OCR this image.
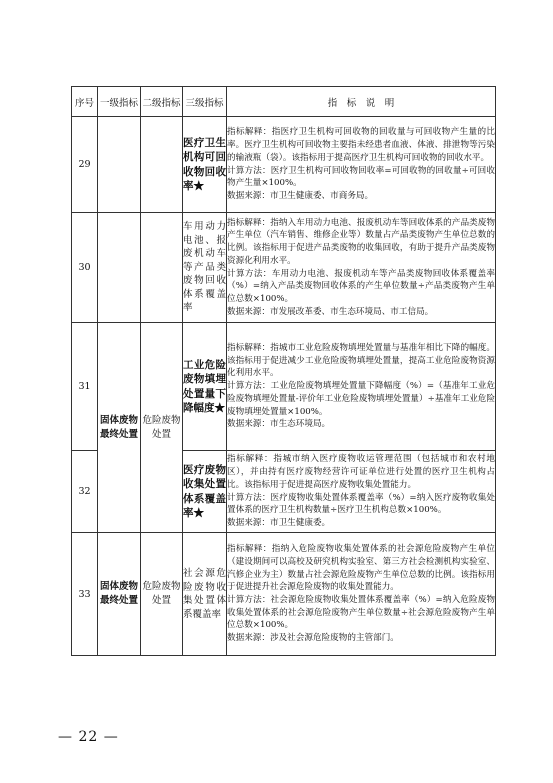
序号	一级指标	二级指标	三级指标	指　标　说　明
29			医疗卫生机构可回收物回收率★	指标解释：指医疗卫生机构可回收物的回收量与可回收物产生量的比率。医疗卫生机构可回收物主要指未经患者血液、体液、排泄物等污染的输液瓶（袋）。该指标用于提高医疗卫生机构可回收物的回收水平。
计算方法：医疗卫生机构可回收物回收率=可回收物的回收量÷可回收物产生量×100%。
数据来源：市卫生健康委、市商务局。

30			车用动力电池、报废机动车等产品类废物回收体系覆盖率	指标解释：指纳入车用动力电池、报废机动车等回收体系的产品类废物产生单位（汽车销售、维修企业等）数量占产品类废物产生单位总数的比例。该指标用于促进产品类废物的收集回收，有助于提升产品类废物资源化利用水平。
计算方法：车用动力电池、报废机动车等产品类废物回收体系覆盖率（%）=纳入产品类废物回收体系的产生单位数量÷产品类废物产生单位总数×100%。
数据来源：市发展改革委、市生态环境局、市工信局。

31	固体废物最终处置	危险废物处置	工业危险废物填埋处置量下降幅度★	指标解释：指城市工业危险废物填埋处置量与基准年相比下降的幅度。该指标用于促进减少工业危险废物填埋处置量，提高工业危险废物资源化利用水平。
计算方法：工业危险废物填埋处置量下降幅度（%）=（基准年工业危险废物填埋处置量-评价年工业危险废物填埋处置量）÷基准年工业危险废物填埋处置量×100%。
数据来源：市生态环境局。

32			医疗废物收集处置体系覆盖率★	指标解释：指城市纳入医疗废物收运管理范围（包括城市和农村地区），并由持有医疗废物经营许可证单位进行处置的医疗卫生机构占比。该指标用于促进提高医疗废物收集处置能力。
计算方法：医疗废物收集处置体系覆盖率（%）=纳入医疗废物收集处置体系的医疗卫生机构数量÷医疗卫生机构总数×100%。
数据来源：市卫生健康委。

33	固体废物最终处置	危险废物处置	社会源危险废物收集处置体系覆盖率	指标解释：指纳入危险废物收集处置体系的社会源危险废物产生单位（建设期间可以高校及研究机构实验室、第三方社会检测机构实验室、汽修企业为主）数量占社会源危险废物产生单位总数的比例。该指标用于促进提升社会源危险废物的收集处置能力。
计算方法：社会源危险废物收集处置体系覆盖率（%）=纳入危险废物收集处置体系的社会源危险废物产生单位数量÷社会源危险废物产生单位总数×100%。
数据来源：涉及社会源危险废物的主管部门。
— 22 —
